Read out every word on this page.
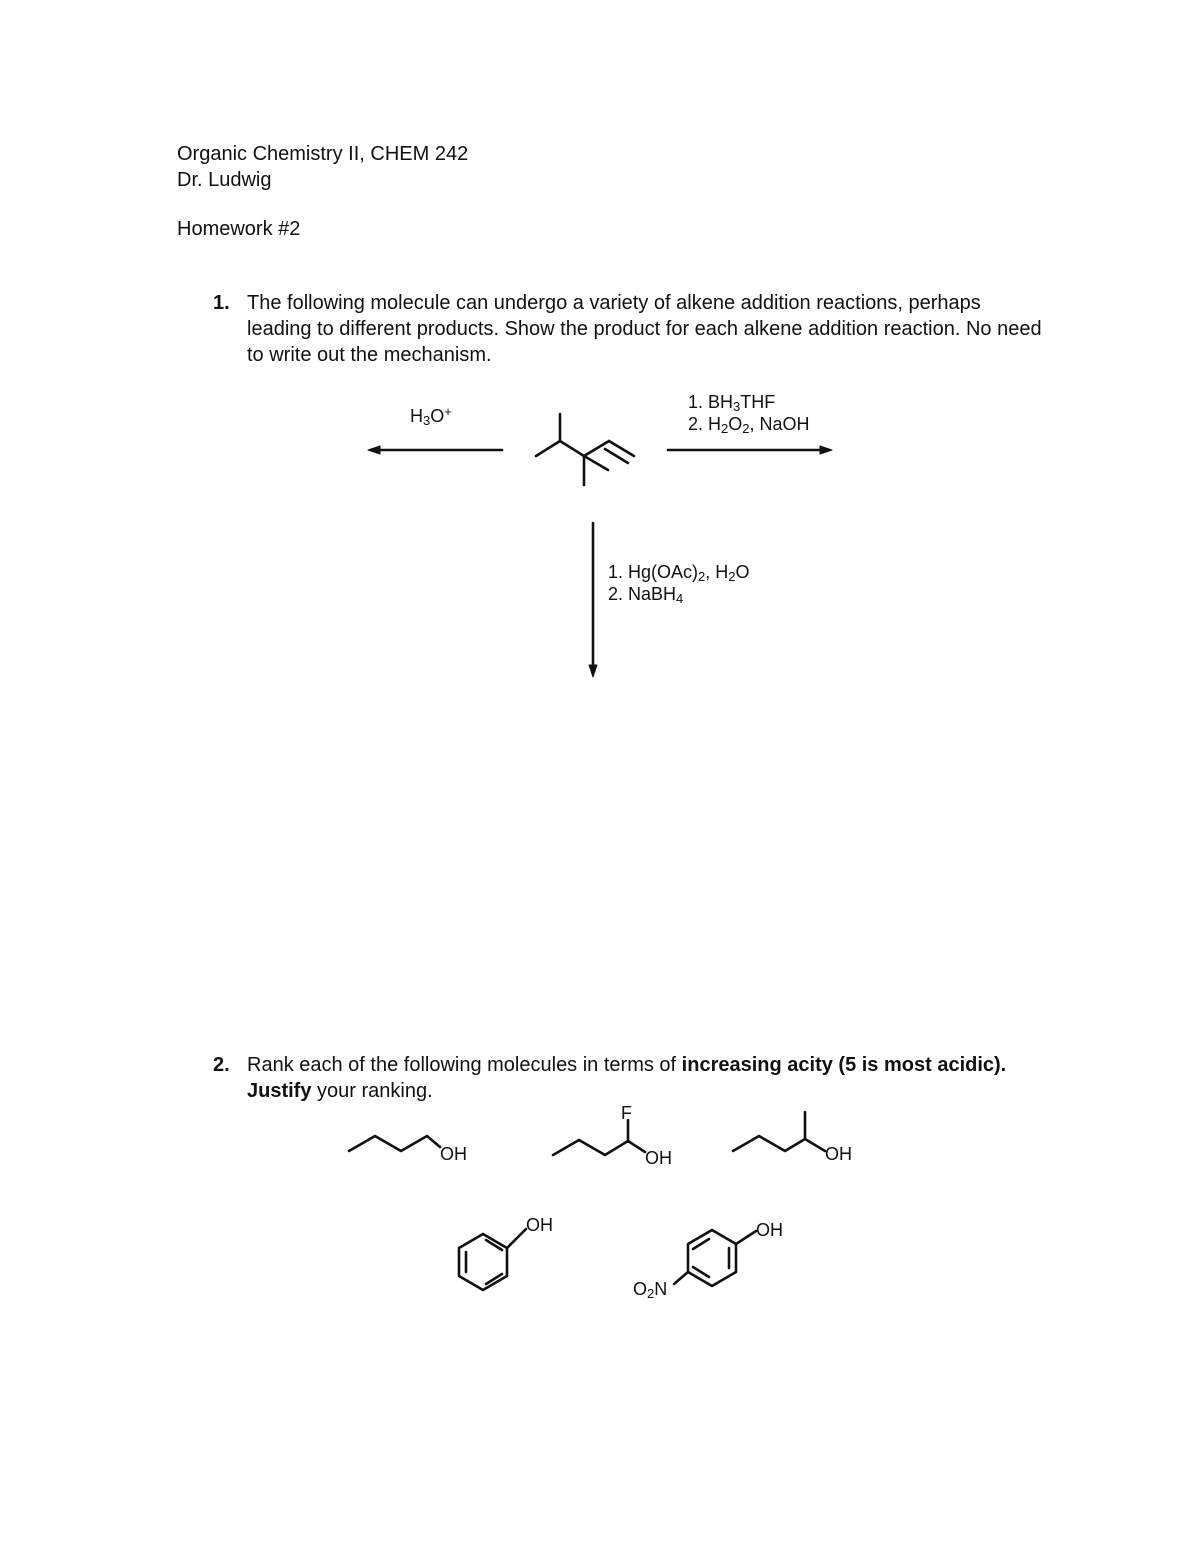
Organic Chemistry II, CHEM 242
Dr. Ludwig
Homework #2
1. The following molecule can undergo a variety of alkene addition reactions, perhaps leading to different products. Show the product for each alkene addition reaction. No need to write out the mechanism.

$H_3O^+$	1. $BH_3THF$
2. $H_2O_2$, NaOH
1. $Hg(OAc)_2$, $H_2O$
2. NaBH$_4$
2. Rank each of the following molecules in terms of increasing acity (5 is most acidic). Justify your ranking.

OH
F
OH	OH
OH	OH
$O_2N$
